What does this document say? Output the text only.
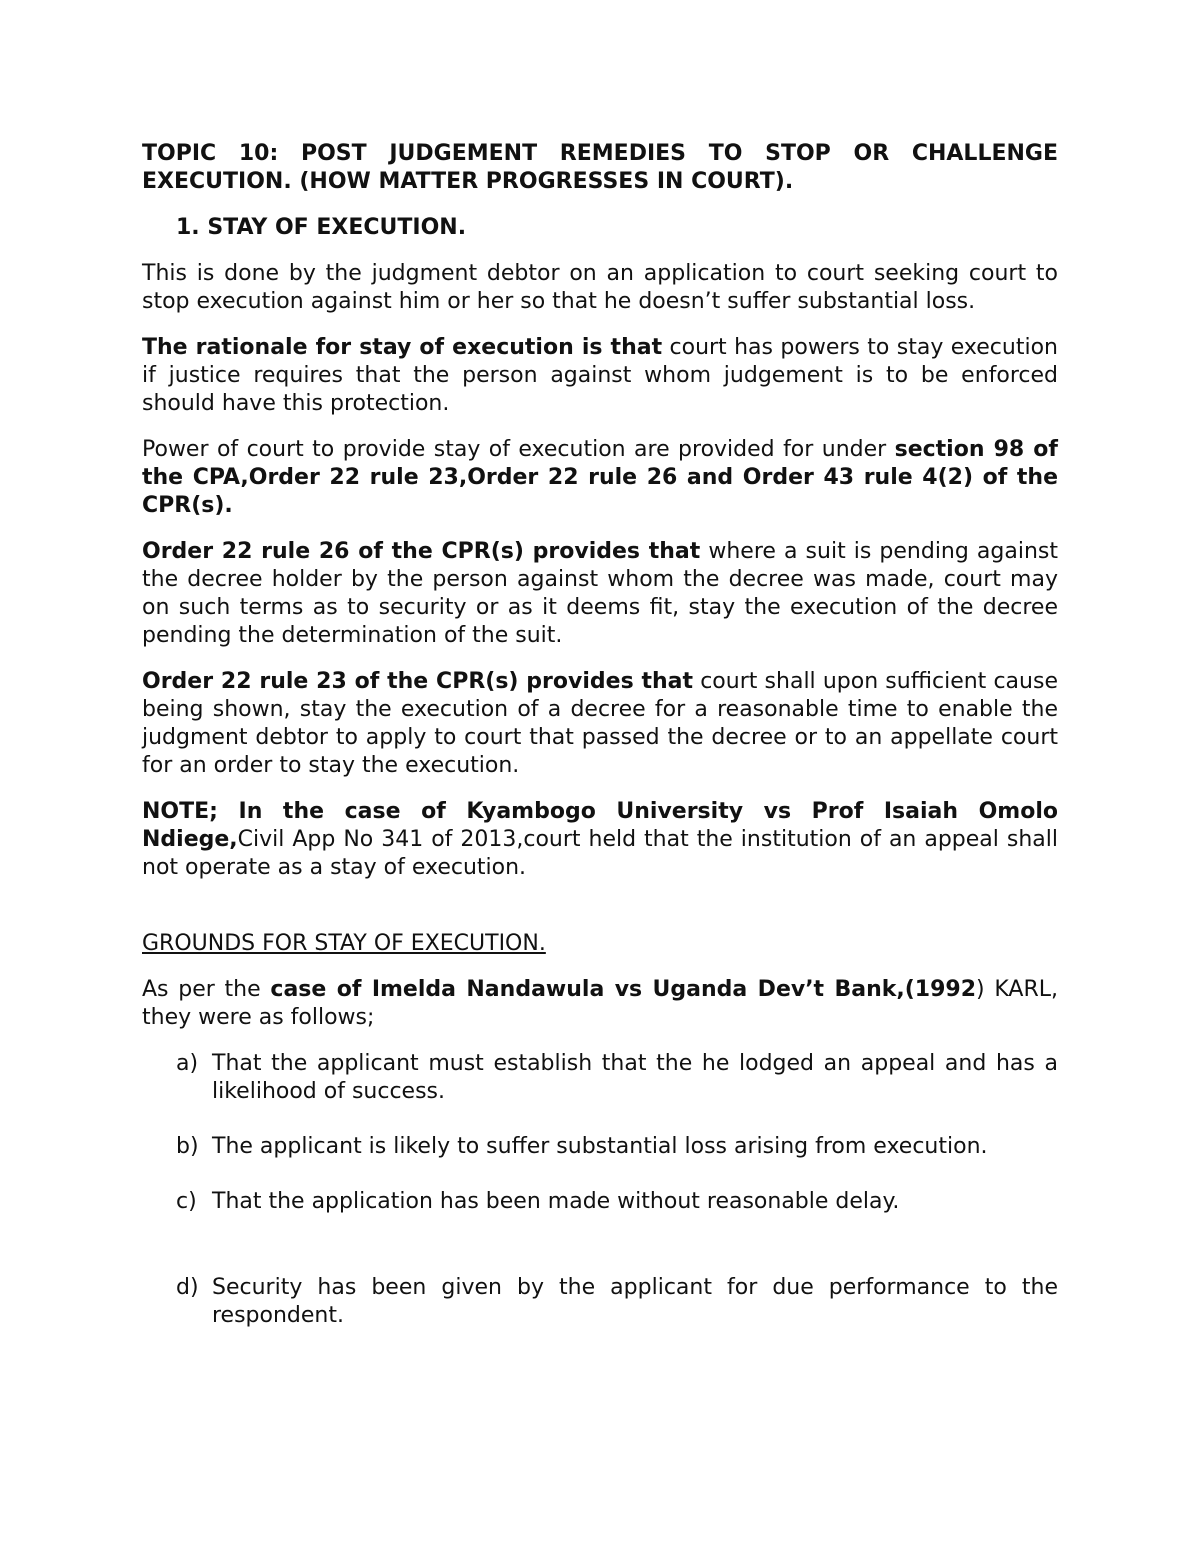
TOPIC 10: POST JUDGEMENT REMEDIES TO STOP OR CHALLENGE EXECUTION. (HOW MATTER PROGRESSES IN COURT).

1. STAY OF EXECUTION.

This is done by the judgment debtor on an application to court seeking court to stop execution against him or her so that he doesn’t suffer substantial loss.

The rationale for stay of execution is that court has powers to stay execution if justice requires that the person against whom judgement is to be enforced should have this protection.

Power of court to provide stay of execution are provided for under section 98 of the CPA,Order 22 rule 23,Order 22 rule 26 and Order 43 rule 4(2) of the CPR(s).

Order 22 rule 26 of the CPR(s) provides that where a suit is pending against the decree holder by the person against whom the decree was made, court may on such terms as to security or as it deems fit, stay the execution of the decree pending the determination of the suit.

Order 22 rule 23 of the CPR(s) provides that court shall upon sufficient cause being shown, stay the execution of a decree for a reasonable time to enable the judgment debtor to apply to court that passed the decree or to an appellate court for an order to stay the execution.

NOTE; In the case of Kyambogo University vs Prof Isaiah Omolo Ndiege,Civil App No 341 of 2013,court held that the institution of an appeal shall not operate as a stay of execution.

GROUNDS FOR STAY OF EXECUTION.

As per the case of Imelda Nandawula vs Uganda Dev’t Bank,(1992) KARL, they were as follows;

a) That the applicant must establish that the he lodged an appeal and has a likelihood of success.
b) The applicant is likely to suffer substantial loss arising from execution.
c) That the application has been made without reasonable delay.
d) Security has been given by the applicant for due performance to the respondent.
